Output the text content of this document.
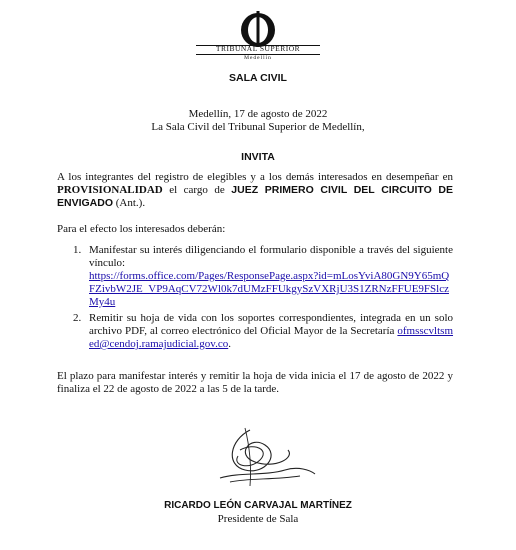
TRIBUNAL SUPERIOR
Medellín
SALA CIVIL
Medellín, 17 de agosto de 2022
La Sala Civil del Tribunal Superior de Medellín,
INVITA
A los integrantes del registro de elegibles y a los demás interesados en desempeñar en PROVISIONALIDAD el cargo de JUEZ PRIMERO CIVIL DEL CIRCUITO DE ENVIGADO (Ant.).
Para el efecto los interesados deberán:
1. Manifestar su interés diligenciando el formulario disponible a través del siguiente vínculo:
https://forms.office.com/Pages/ResponsePage.aspx?id=mLosYviA80GN9Y65mQFZivbW2JE_VP9AqCV72Wl0k7dUMzFFUkgySzVXRjU3S1ZRNzFFUE9FSlczMy4u
2. Remitir su hoja de vida con los soportes correspondientes, integrada en un solo archivo PDF, al correo electrónico del Oficial Mayor de la Secretaría ofmsscvltsmed@cendoj.ramajudicial.gov.co.
El plazo para manifestar interés y remitir la hoja de vida inicia el 17 de agosto de 2022 y finaliza el 22 de agosto de 2022 a las 5 de la tarde.
RICARDO LEÓN CARVAJAL MARTÍNEZ
Presidente de Sala
